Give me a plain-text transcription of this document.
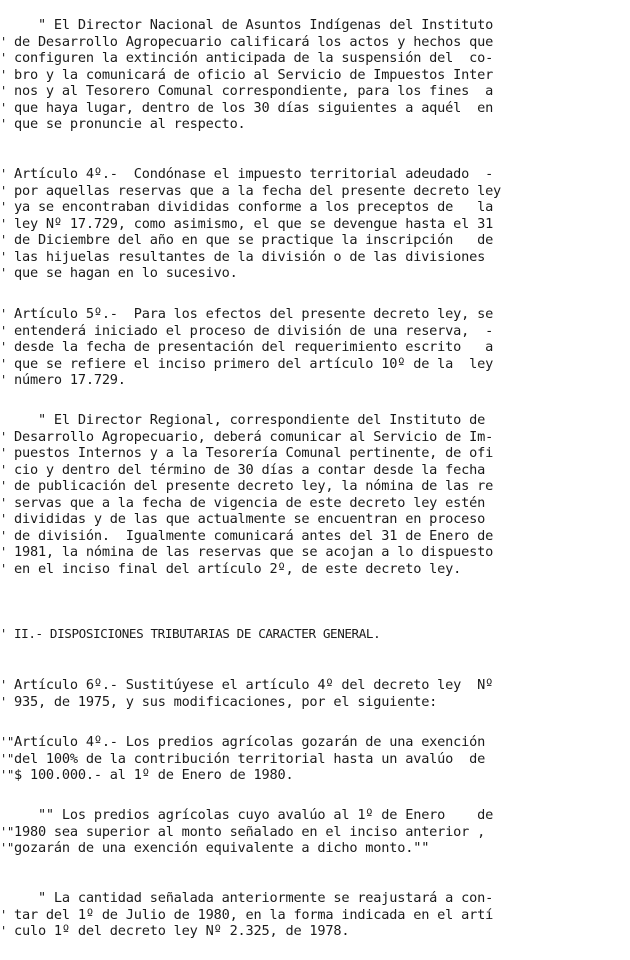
" El Director Nacional de Asuntos Indígenas del Instituto
' de Desarrollo Agropecuario calificará los actos y hechos que
' configuren la extinción anticipada de la suspensión del  co-
' bro y la comunicará de oficio al Servicio de Impuestos Inter
' nos y al Tesorero Comunal correspondiente, para los fines  a
' que haya lugar, dentro de los 30 días siguientes a aquél  en
' que se pronuncie al respecto.
' Artículo 4º.-  Condónase el impuesto territorial adeudado  -
' por aquellas reservas que a la fecha del presente decreto ley
' ya se encontraban divididas conforme a los preceptos de   la
' ley Nº 17.729, como asimismo, el que se devengue hasta el 31
' de Diciembre del año en que se practique la inscripción   de
' las hijuelas resultantes de la división o de las divisiones
' que se hagan en lo sucesivo.
' Artículo 5º.-  Para los efectos del presente decreto ley, se
' entenderá iniciado el proceso de división de una reserva,  -
' desde la fecha de presentación del requerimiento escrito   a
' que se refiere el inciso primero del artículo 10º de la  ley
' número 17.729.
" El Director Regional, correspondiente del Instituto de
' Desarrollo Agropecuario, deberá comunicar al Servicio de Im-
' puestos Internos y a la Tesorería Comunal pertinente, de ofi
' cio y dentro del término de 30 días a contar desde la fecha
' de publicación del presente decreto ley, la nómina de las re
' servas que a la fecha de vigencia de este decreto ley estén
' divididas y de las que actualmente se encuentran en proceso
' de división.  Igualmente comunicará antes del 31 de Enero de
' 1981, la nómina de las reservas que se acojan a lo dispuesto
' en el inciso final del artículo 2º, de este decreto ley.
' II.- DISPOSICIONES TRIBUTARIAS DE CARACTER GENERAL.
' Artículo 6º.- Sustitúyese el artículo 4º del decreto ley  Nº
' 935, de 1975, y sus modificaciones, por el siguiente:
'" Artículo 4º.- Los predios agrícolas gozarán de una exención
'" del 100% de la contribución territorial hasta un avalúo  de
'" $ 100.000.- al 1º de Enero de 1980.
"" Los predios agrícolas cuyo avalúo al 1º de Enero    de
'" 1980 sea superior al monto señalado en el inciso anterior ,
'" gozarán de una exención equivalente a dicho monto.""
" La cantidad señalada anteriormente se reajustará a con-
' tar del 1º de Julio de 1980, en la forma indicada en el artí
' culo 1º del decreto ley Nº 2.325, de 1978.
